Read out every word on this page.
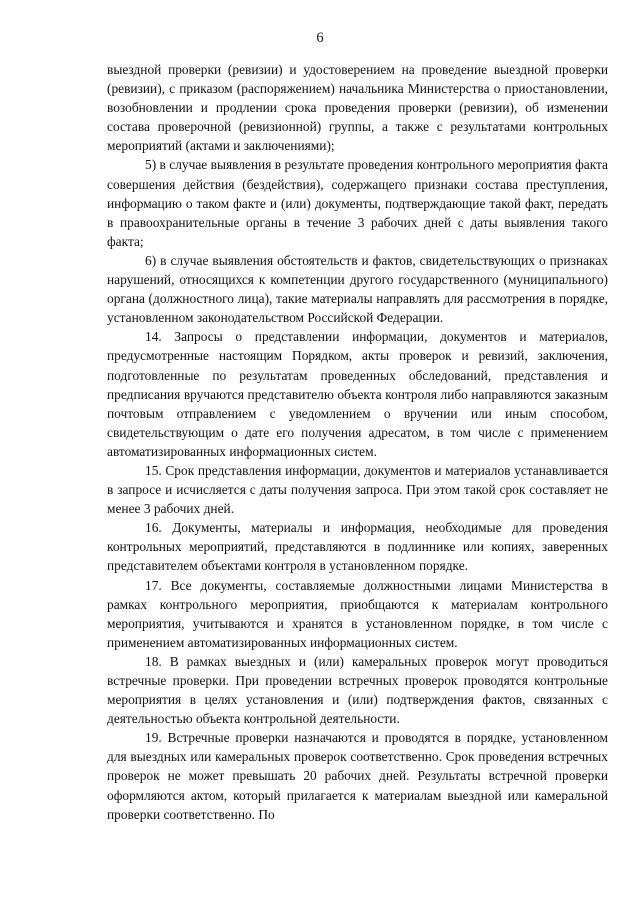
6

выездной проверки (ревизии) и удостоверением на проведение выездной проверки (ревизии), с приказом (распоряжением) начальника Министерства о приостановлении, возобновлении и продлении срока проведения проверки (ревизии), об изменении состава проверочной (ревизионной) группы, а также с результатами контрольных мероприятий (актами и заключениями);

5) в случае выявления в результате проведения контрольного мероприятия факта совершения действия (бездействия), содержащего признаки состава преступления, информацию о таком факте и (или) документы, подтверждающие такой факт, передать в правоохранительные органы в течение 3 рабочих дней с даты выявления такого факта;

6) в случае выявления обстоятельств и фактов, свидетельствующих о признаках нарушений, относящихся к компетенции другого государственного (муниципального) органа (должностного лица), такие материалы направлять для рассмотрения в порядке, установленном законодательством Российской Федерации.

14. Запросы о представлении информации, документов и материалов, предусмотренные настоящим Порядком, акты проверок и ревизий, заключения, подготовленные по результатам проведенных обследований, представления и предписания вручаются представителю объекта контроля либо направляются заказным почтовым отправлением с уведомлением о вручении или иным способом, свидетельствующим о дате его получения адресатом, в том числе с применением автоматизированных информационных систем.

15. Срок представления информации, документов и материалов устанавливается в запросе и исчисляется с даты получения запроса. При этом такой срок составляет не менее 3 рабочих дней.

16. Документы, материалы и информация, необходимые для проведения контрольных мероприятий, представляются в подлиннике или копиях, заверенных представителем объектами контроля в установленном порядке.

17. Все документы, составляемые должностными лицами Министерства в рамках контрольного мероприятия, приобщаются к материалам контрольного мероприятия, учитываются и хранятся в установленном порядке, в том числе с применением автоматизированных информационных систем.

18. В рамках выездных и (или) камеральных проверок могут проводиться встречные проверки. При проведении встречных проверок проводятся контрольные мероприятия в целях установления и (или) подтверждения фактов, связанных с деятельностью объекта контрольной деятельности.

19. Встречные проверки назначаются и проводятся в порядке, установленном для выездных или камеральных проверок соответственно. Срок проведения встречных проверок не может превышать 20 рабочих дней. Результаты встречной проверки оформляются актом, который прилагается к материалам выездной или камеральной проверки соответственно. По
